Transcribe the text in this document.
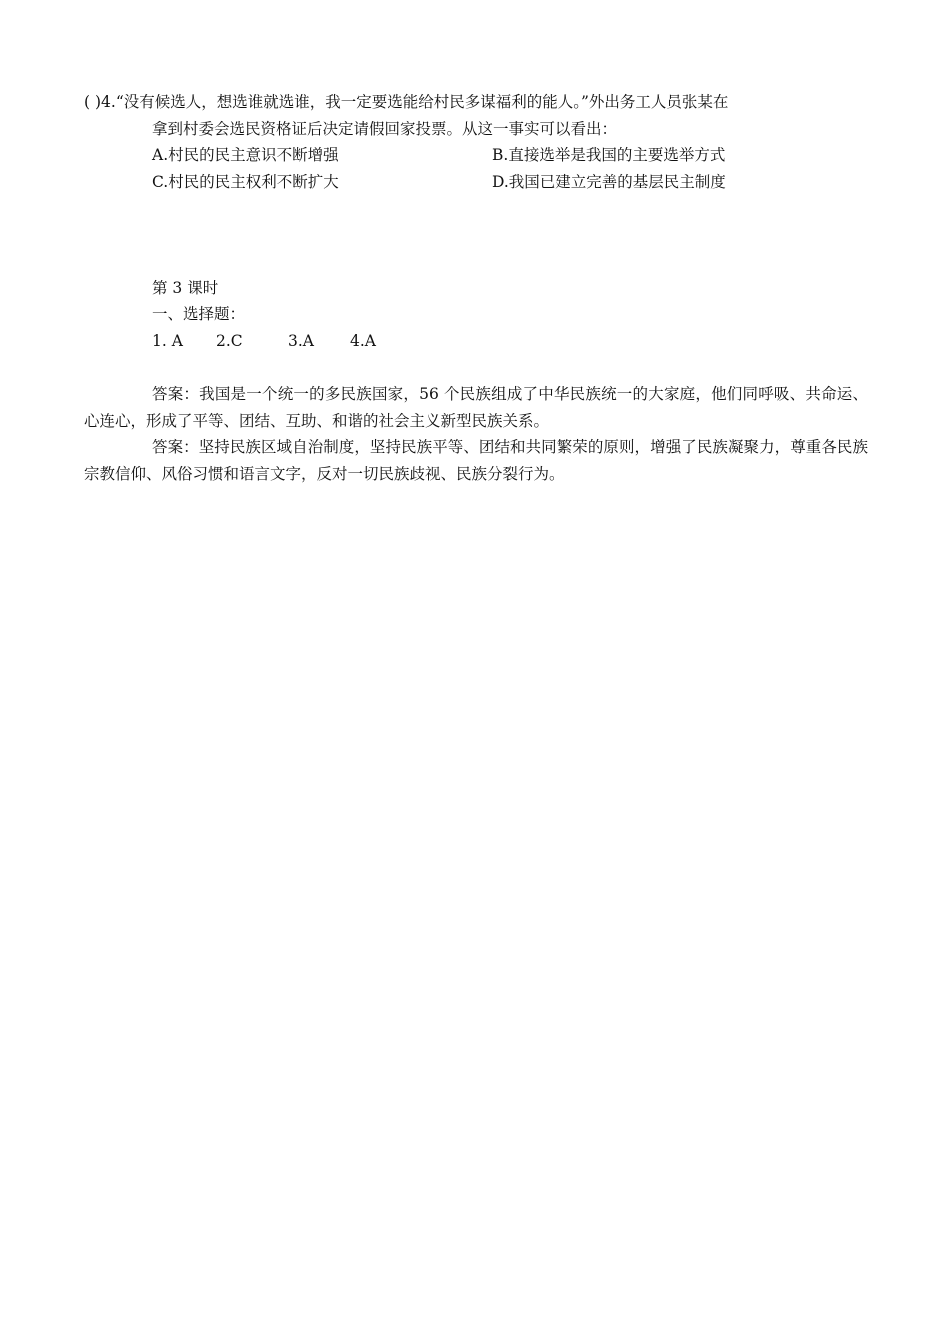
( )4.“没有候选人，想选谁就选谁，我一定要选能给村民多谋福利的能人。”外出务工人员张某在
拿到村委会选民资格证后决定请假回家投票。从这一事实可以看出：
A.村民的民主意识不断增强	B.直接选举是我国的主要选举方式
C.村民的民主权利不断扩大	D.我国已建立完善的基层民主制度
第 3 课时
一、选择题：
1. A 2.C	3.A 4.A
答案：我国是一个统一的多民族国家，56 个民族组成了中华民族统一的大家庭，他们同呼吸、共命运、心连心，形成了平等、团结、互助、和谐的社会主义新型民族关系。
答案：坚持民族区域自治制度，坚持民族平等、团结和共同繁荣的原则，增强了民族凝聚力，尊重各民族宗教信仰、风俗习惯和语言文字，反对一切民族歧视、民族分裂行为。
